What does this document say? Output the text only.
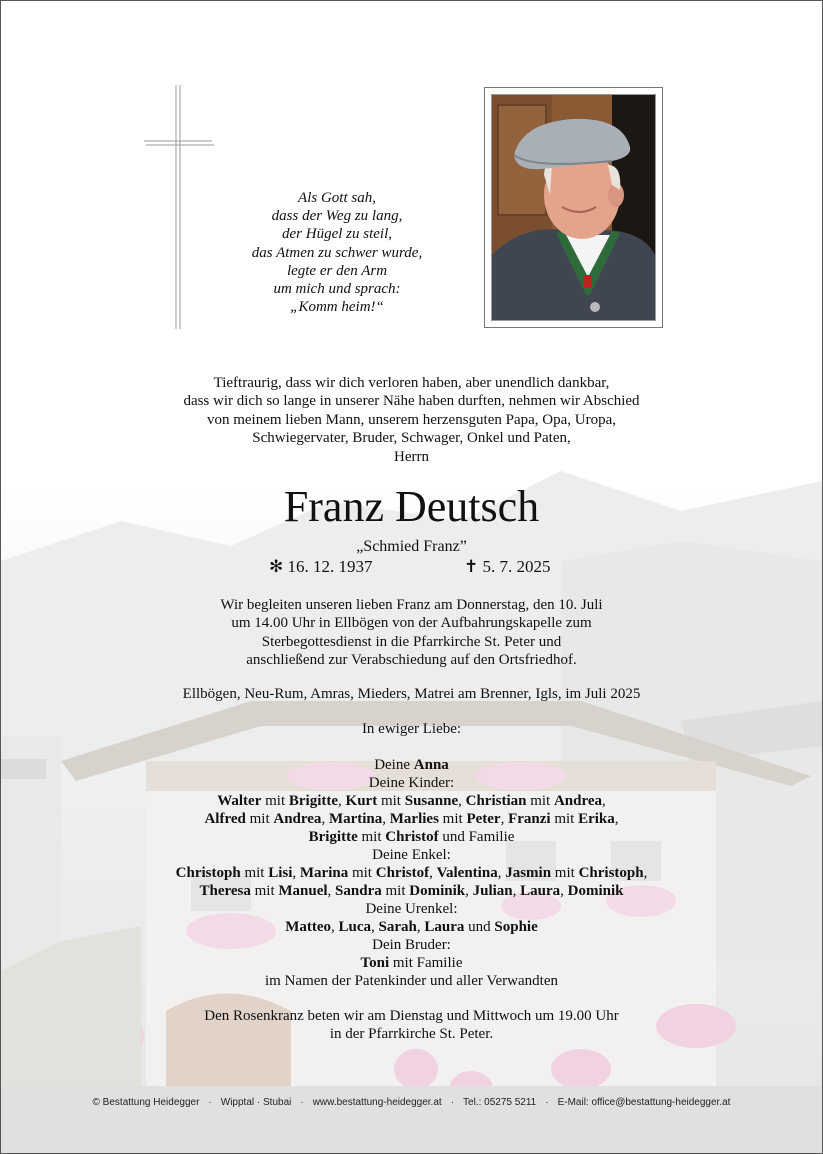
Als Gott sah,
dass der Weg zu lang,
der Hügel zu steil,
das Atmen zu schwer wurde,
legte er den Arm
um mich und sprach:
„Komm heim!“
Tieftraurig, dass wir dich verloren haben, aber unendlich dankbar,
dass wir dich so lange in unserer Nähe haben durften, nehmen wir Abschied
von meinem lieben Mann, unserem herzensguten Papa, Opa, Uropa,
Schwiegervater, Bruder, Schwager, Onkel und Paten,
Herrn
Franz Deutsch
„Schmied Franz”
✻ 16. 12. 1937	✝ 5. 7. 2025
Wir begleiten unseren lieben Franz am Donnerstag, den 10. Juli
um 14.00 Uhr in Ellbögen von der Aufbahrungskapelle zum
Sterbegottesdienst in die Pfarrkirche St. Peter und
anschließend zur Verabschiedung auf den Ortsfriedhof.
Ellbögen, Neu-Rum, Amras, Mieders, Matrei am Brenner, Igls, im Juli 2025
In ewiger Liebe:
Deine Anna
Deine Kinder:
Walter mit Brigitte, Kurt mit Susanne, Christian mit Andrea,
Alfred mit Andrea, Martina, Marlies mit Peter, Franzi mit Erika,
Brigitte mit Christof und Familie
Deine Enkel:
Christoph mit Lisi, Marina mit Christof, Valentina, Jasmin mit Christoph,
Theresa mit Manuel, Sandra mit Dominik, Julian, Laura, Dominik
Deine Urenkel:
Matteo, Luca, Sarah, Laura und Sophie
Dein Bruder:
Toni mit Familie
im Namen der Patenkinder und aller Verwandten
Den Rosenkranz beten wir am Dienstag und Mittwoch um 19.00 Uhr
in der Pfarrkirche St. Peter.
© Bestattung Heidegger · Wipptal · Stubai · www.bestattung-heidegger.at · Tel.: 05275 5211 · E-Mail: office@bestattung-heidegger.at
